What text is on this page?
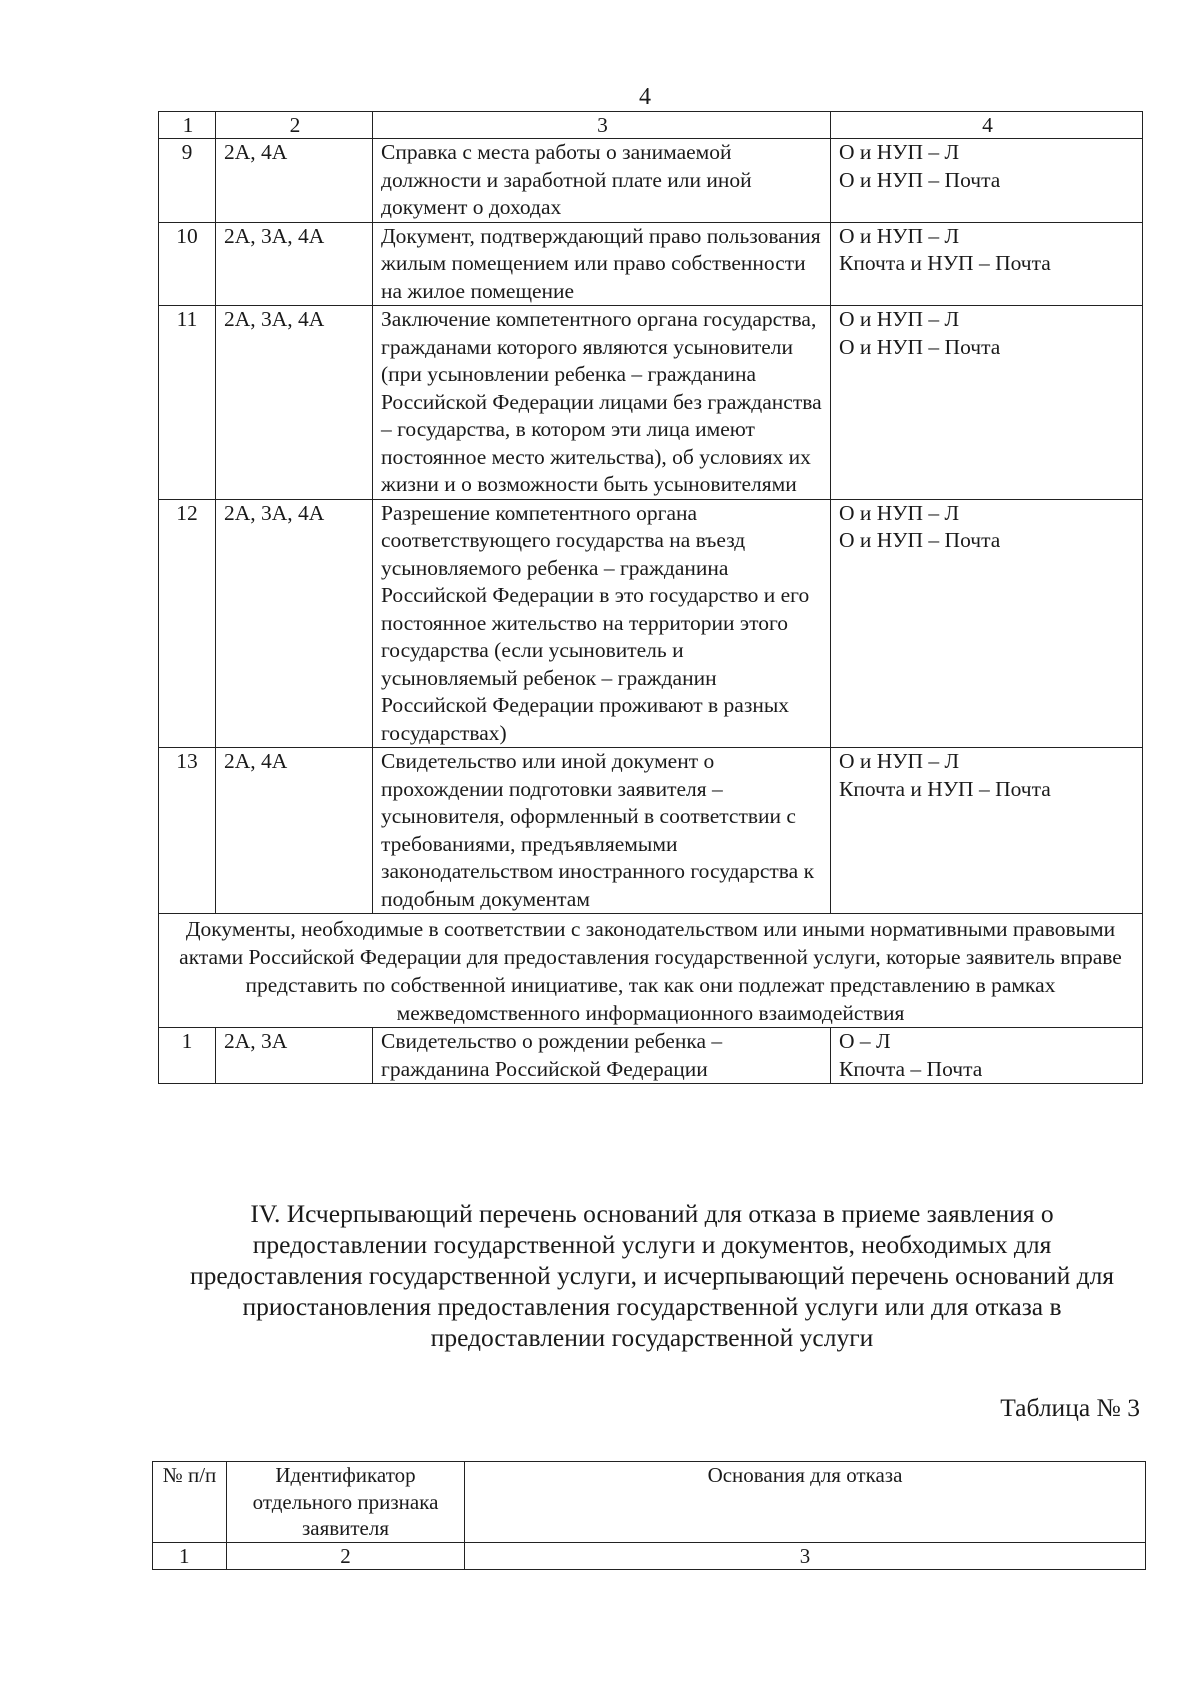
4
1	2	3	4
9	2А, 4А	Справка с места работы о занимаемой должности и заработной плате или иной документ о доходах	О и НУП – Л
О и НУП – Почта

10	2А, 3А, 4А	Документ, подтверждающий право пользования жилым помещением или право собственности на жилое помещение	О и НУП – Л
Кпочта и НУП – Почта

11	2А, 3А, 4А	Заключение компетентного органа государства, гражданами которого являются усыновители (при усыновлении ребенка – гражданина Российской Федерации лицами без гражданства – государства, в котором эти лица имеют постоянное место жительства), об условиях их жизни и о возможности быть усыновителями	О и НУП – Л
О и НУП – Почта

12	2А, 3А, 4А	Разрешение компетентного органа соответствующего государства на въезд усыновляемого ребенка – гражданина Российской Федерации в это государство и его постоянное жительство на территории этого государства (если усыновитель и усыновляемый ребенок – гражданин Российской Федерации проживают в разных государствах)	О и НУП – Л
О и НУП – Почта

13	2А, 4А	Свидетельство или иной документ о прохождении подготовки заявителя – усыновителя, оформленный в соответствии с требованиями, предъявляемыми законодательством иностранного государства к подобным документам	О и НУП – Л
Кпочта и НУП – Почта

Документы, необходимые в соответствии с законодательством или иными нормативными правовыми актами Российской Федерации для предоставления государственной услуги, которые заявитель вправе представить по собственной инициативе, так как они подлежат представлению в рамках межведомственного информационного взаимодействия			
1	2А, 3А	Свидетельство о рождении ребенка – гражданина Российской Федерации	О – Л
Кпочта – Почта
IV. Исчерпывающий перечень оснований для отказа в приеме заявления о предоставлении государственной услуги и документов, необходимых для предоставления государственной услуги, и исчерпывающий перечень оснований для приостановления предоставления государственной услуги или для отказа в предоставлении государственной услуги
Таблица № 3
№ п/п	Идентификатор отдельного признака заявителя	Основания для отказа
1	2	3
